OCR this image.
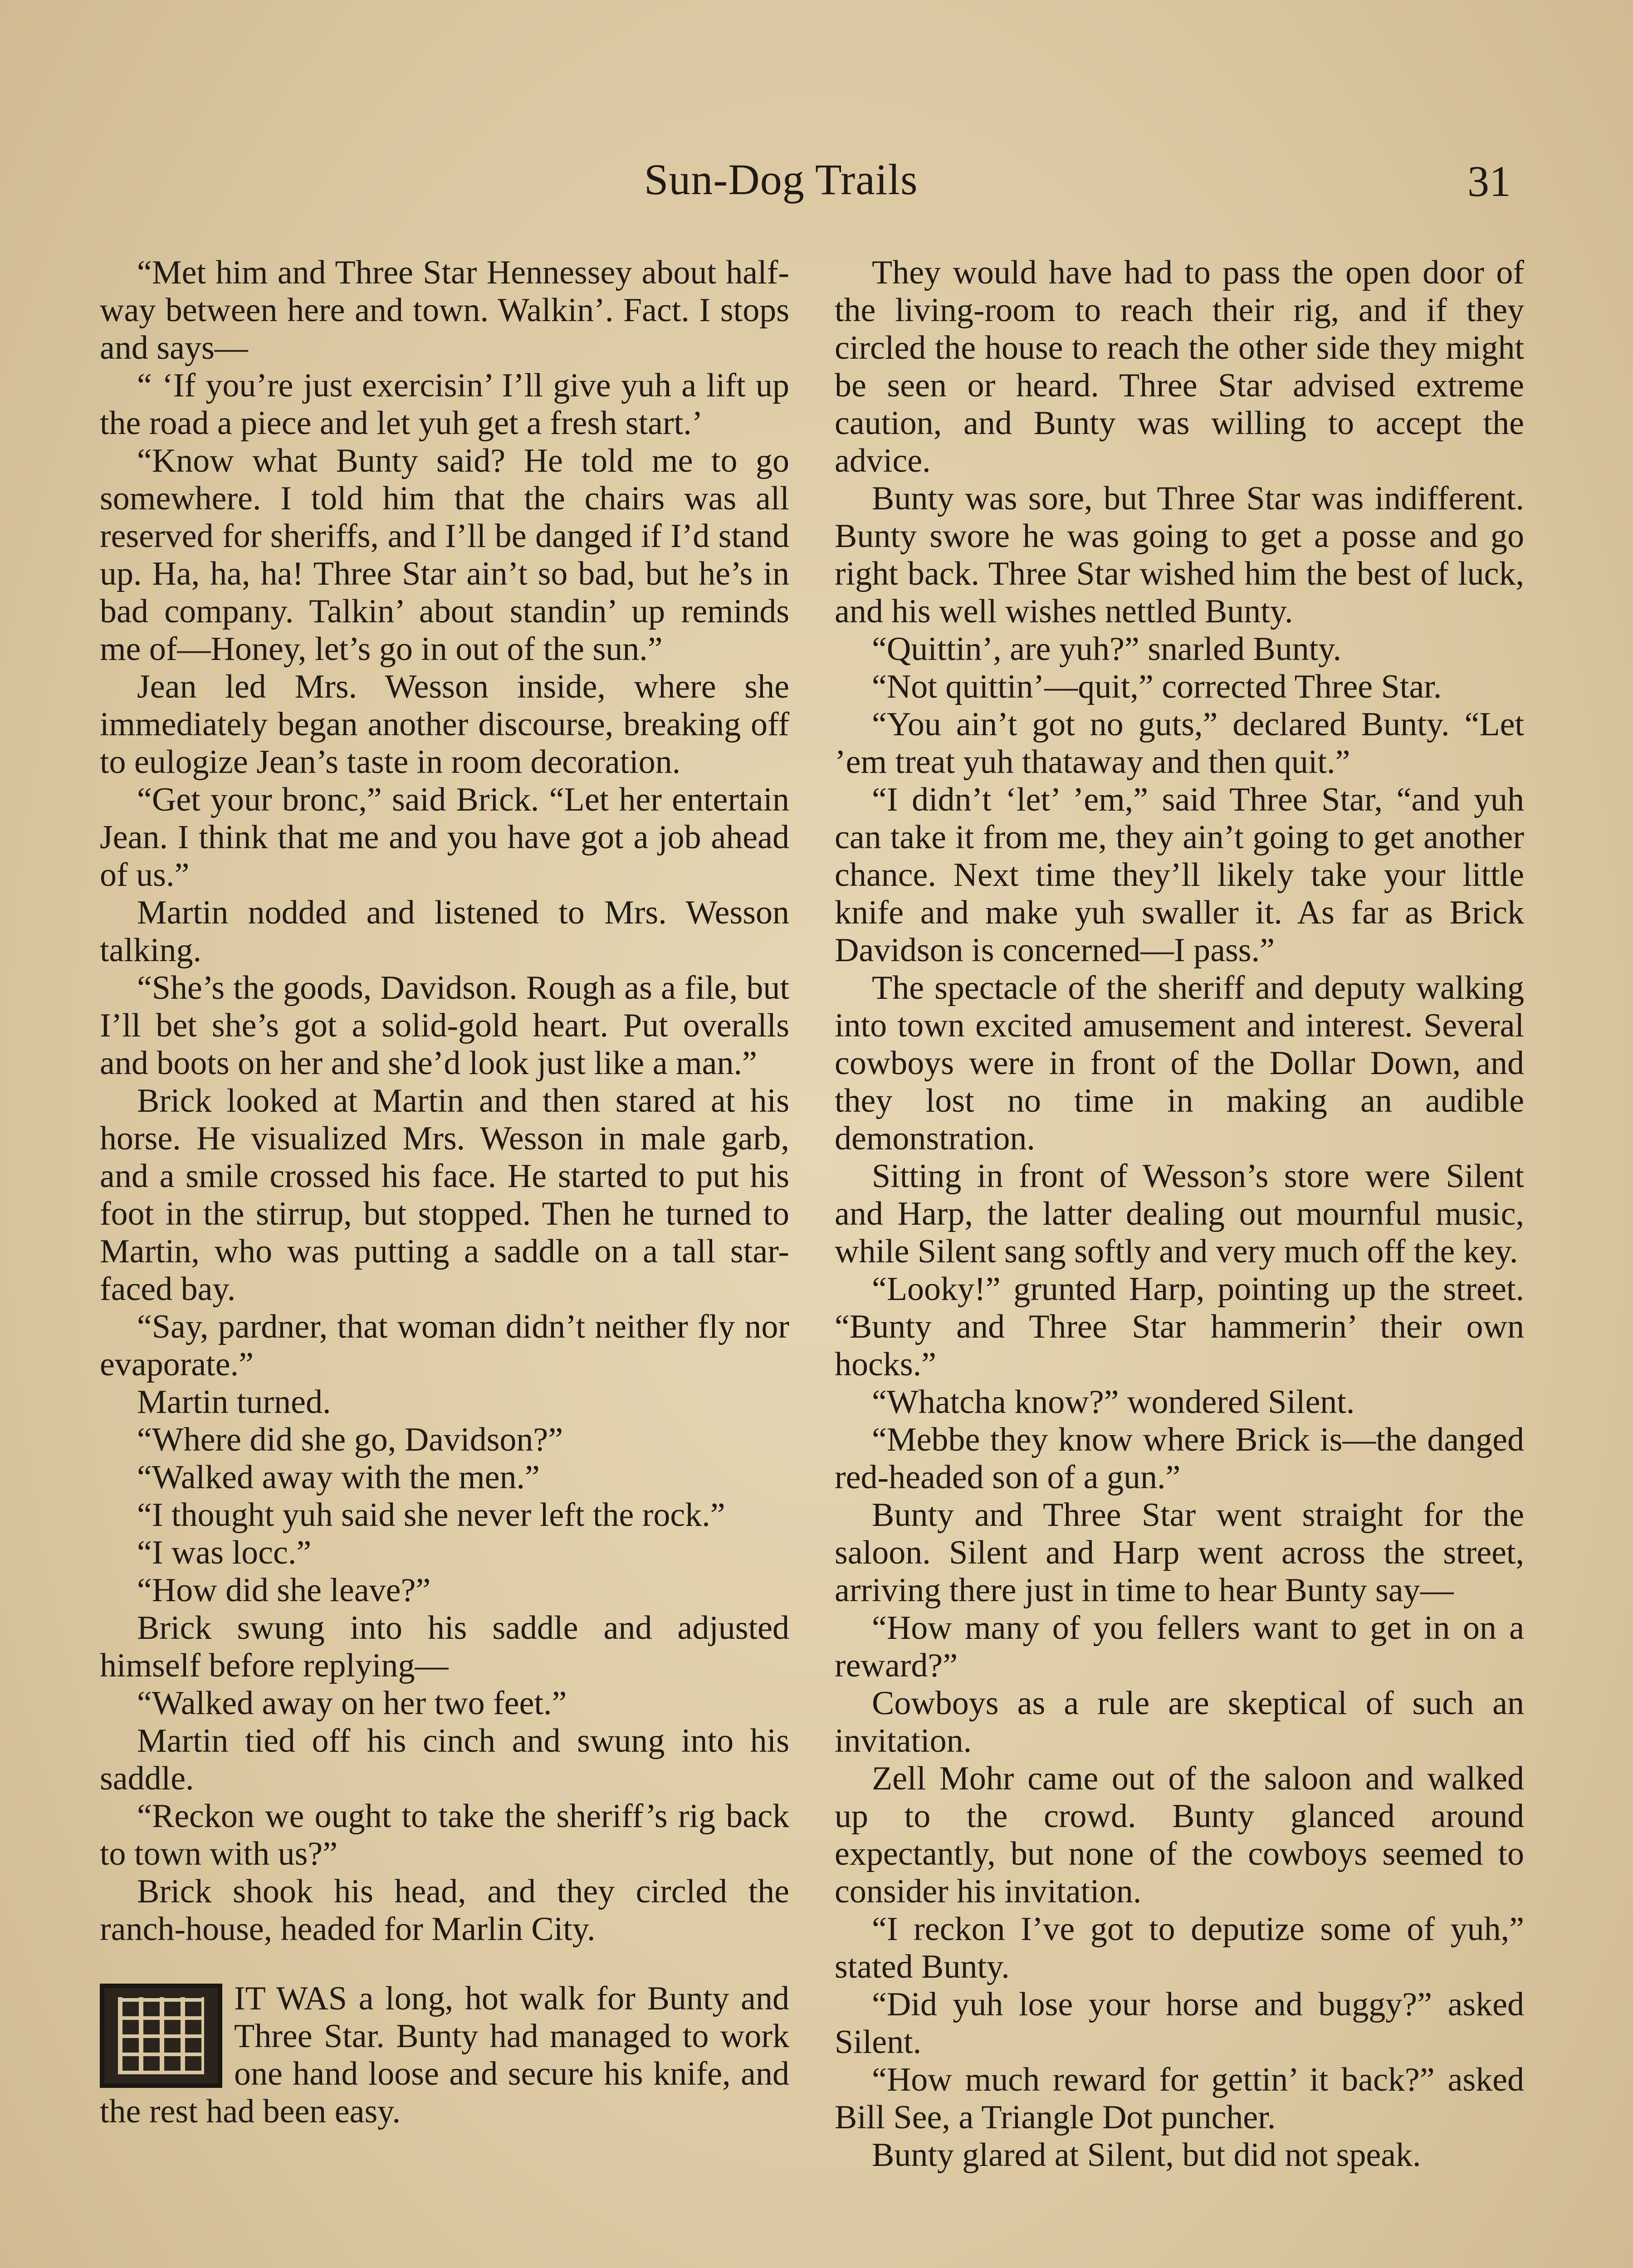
Sun-Dog Trails	31

“Met him and Three Star Hennessey about half-way between here and town. Walkin’. Fact. I stops and says—

“ ‘If you’re just exercisin’ I’ll give yuh a lift up the road a piece and let yuh get a fresh start.’

“Know what Bunty said? He told me to go somewhere. I told him that the chairs was all reserved for sheriffs, and I’ll be danged if I’d stand up. Ha, ha, ha! Three Star ain’t so bad, but he’s in bad company. Talkin’ about standin’ up reminds me of—Honey, let’s go in out of the sun.”

Jean led Mrs. Wesson inside, where she immediately began another discourse, breaking off to eulogize Jean’s taste in room decoration.

“Get your bronc,” said Brick. “Let her entertain Jean. I think that me and you have got a job ahead of us.”

Martin nodded and listened to Mrs. Wesson talking.

“She’s the goods, Davidson. Rough as a file, but I’ll bet she’s got a solid-gold heart. Put overalls and boots on her and she’d look just like a man.”

Brick looked at Martin and then stared at his horse. He visualized Mrs. Wesson in male garb, and a smile crossed his face. He started to put his foot in the stirrup, but stopped. Then he turned to Martin, who was putting a saddle on a tall star-faced bay.

“Say, pardner, that woman didn’t neither fly nor evaporate.”

Martin turned.

“Where did she go, Davidson?”

“Walked away with the men.”

“I thought yuh said she never left the rock.”

“I was locc.”

“How did she leave?”

Brick swung into his saddle and adjusted himself before replying—

“Walked away on her two feet.”

Martin tied off his cinch and swung into his saddle.

“Reckon we ought to take the sheriff’s rig back to town with us?”

Brick shook his head, and they circled the ranch-house, headed for Marlin City.

IT WAS a long, hot walk for Bunty and Three Star. Bunty had managed to work one hand loose and secure his knife, and the rest had been easy.

They would have had to pass the open door of the living-room to reach their rig, and if they circled the house to reach the other side they might be seen or heard. Three Star advised extreme caution, and Bunty was willing to accept the advice.

Bunty was sore, but Three Star was indifferent. Bunty swore he was going to get a posse and go right back. Three Star wished him the best of luck, and his well wishes nettled Bunty.

“Quittin’, are yuh?” snarled Bunty.

“Not quittin’—quit,” corrected Three Star.

“You ain’t got no guts,” declared Bunty. “Let ’em treat yuh thataway and then quit.”

“I didn’t ‘let’ ’em,” said Three Star, “and yuh can take it from me, they ain’t going to get another chance. Next time they’ll likely take your little knife and make yuh swaller it. As far as Brick Davidson is concerned—I pass.”

The spectacle of the sheriff and deputy walking into town excited amusement and interest. Several cowboys were in front of the Dollar Down, and they lost no time in making an audible demonstration.

Sitting in front of Wesson’s store were Silent and Harp, the latter dealing out mournful music, while Silent sang softly and very much off the key.

“Looky!” grunted Harp, pointing up the street. “Bunty and Three Star hammerin’ their own hocks.”

“Whatcha know?” wondered Silent.

“Mebbe they know where Brick is—the danged red-headed son of a gun.”

Bunty and Three Star went straight for the saloon. Silent and Harp went across the street, arriving there just in time to hear Bunty say—

“How many of you fellers want to get in on a reward?”

Cowboys as a rule are skeptical of such an invitation.

Zell Mohr came out of the saloon and walked up to the crowd. Bunty glanced around expectantly, but none of the cowboys seemed to consider his invitation.

“I reckon I’ve got to deputize some of yuh,” stated Bunty.

“Did yuh lose your horse and buggy?” asked Silent.

“How much reward for gettin’ it back?” asked Bill See, a Triangle Dot puncher.

Bunty glared at Silent, but did not speak.
